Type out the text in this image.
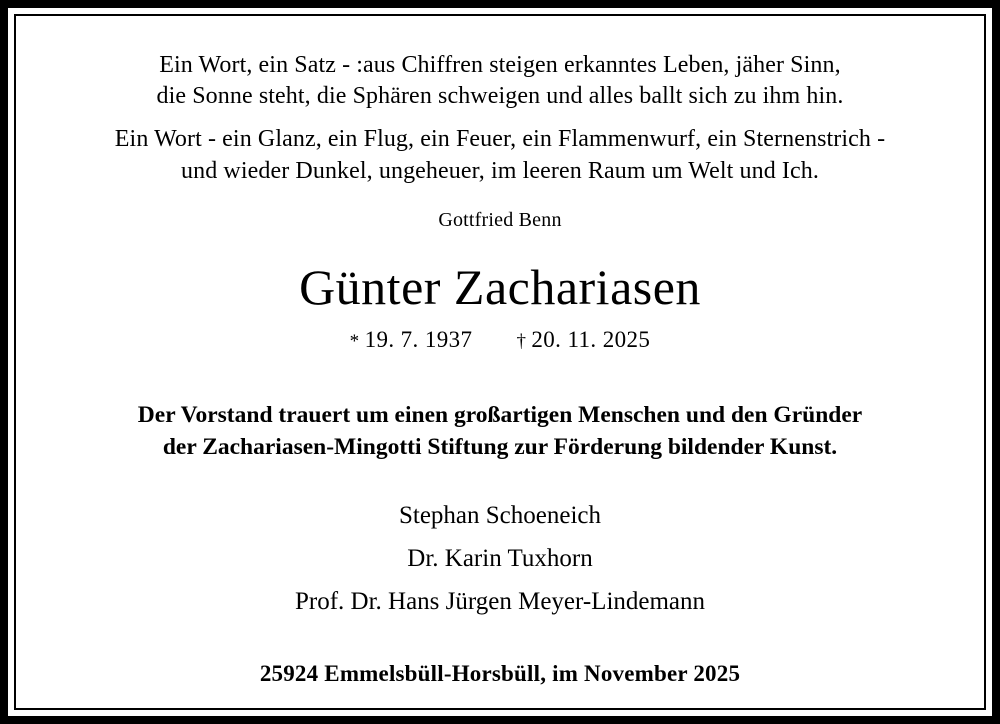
Ein Wort, ein Satz - :aus Chiffren steigen erkanntes Leben, jäher Sinn,
die Sonne steht, die Sphären schweigen und alles ballt sich zu ihm hin.
Ein Wort - ein Glanz, ein Flug, ein Feuer, ein Flammenwurf, ein Sternenstrich -
und wieder Dunkel, ungeheuer, im leeren Raum um Welt und Ich.
Gottfried Benn
Günter Zachariasen
* 19. 7. 1937 † 20. 11. 2025
Der Vorstand trauert um einen großartigen Menschen und den Gründer
der Zachariasen-Mingotti Stiftung zur Förderung bildender Kunst.
Stephan Schoeneich
Dr. Karin Tuxhorn
Prof. Dr. Hans Jürgen Meyer-Lindemann
25924 Emmelsbüll-Horsbüll, im November 2025
